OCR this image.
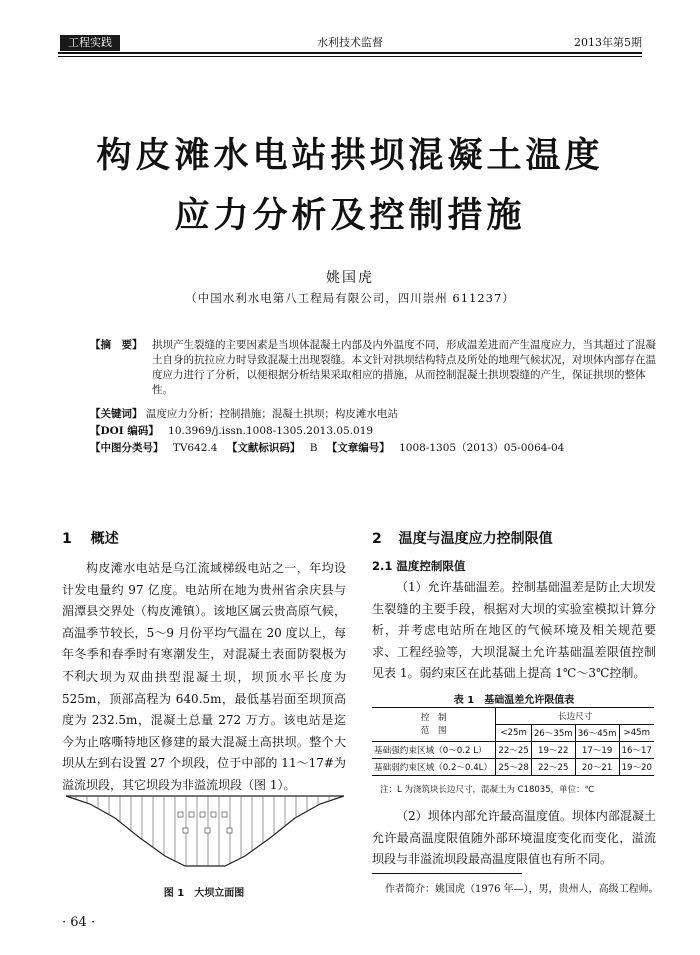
工程实践	水利技术监督	2013年第5期
构皮滩水电站拱坝混凝土温度
应力分析及控制措施
姚国虎
（中国水利水电第八工程局有限公司，四川崇州 611237）
【摘　要】 拱坝产生裂缝的主要因素是当坝体混凝土内部及内外温度不同，形成温差进而产生温度应力，当其超过了混凝土自身的抗拉应力时导致混凝土出现裂缝。本文针对拱坝结构特点及所处的地理气候状况，对坝体内部存在温度应力进行了分析，以便根据分析结果采取相应的措施，从而控制混凝土拱坝裂缝的产生，保证拱坝的整体性。
【关键词】 温度应力分析；控制措施；混凝土拱坝；构皮滩水电站
【DOI 编码】 10.3969/j.issn.1008-1305.2013.05.019
【中图分类号】 TV642.4 【文献标识码】 B 【文章编号】 1008-1305（2013）05-0064-04
1 概述
构皮滩水电站是乌江流域梯级电站之一，年均设计发电量约 97 亿度。电站所在地为贵州省余庆县与湄潭县交界处（构皮滩镇）。该地区属云贵高原气候，高温季节较长，5～9 月份平均气温在 20 度以上，每年冬季和春季时有寒潮发生，对混凝土表面防裂极为不利。
大坝为双曲拱型混凝土坝，坝顶水平长度为 525m，顶部高程为 640.5m，最低基岩面至坝顶高度为 232.5m，混凝土总量 272 万方。该电站是迄今为止喀嘶特地区修建的最大混凝土高拱坝。整个大坝从左到右设置 27 个坝段，位于中部的 11～17#为溢流坝段，其它坝段为非溢流坝段（图 1）。
图 1　大坝立面图
· 64 ·
2 温度与温度应力控制限值
2.1 温度控制限值
（1）允许基础温差。控制基础温差是防止大坝发生裂缝的主要手段，根据对大坝的实验室模拟计算分析，并考虑电站所在地区的气候环境及相关规范要求、工程经验等，大坝混凝土允许基础温差限值控制见表 1。弱约束区在此基础上提高 1℃～3℃控制。
表 1　基础温差允许限值表
控　制
范　围	长边尺寸			
	<25m	26～35m	36～45m	>45m
基础强约束区域（0～0.2 L）	22～25	19～22	17～19	16～17
基础弱约束区域（0.2～0.4L）	25～28	22～25	20～21	19～20
注：L 为浇筑块长边尺寸，混凝土为 C18035，单位：℃
（2）坝体内部允许最高温度值。坝体内部混凝土允许最高温度限值随外部环境温度变化而变化，溢流坝段与非溢流坝段最高温度限值也有所不同。
作者简介：姚国虎（1976 年—），男，贵州人，高级工程师。
